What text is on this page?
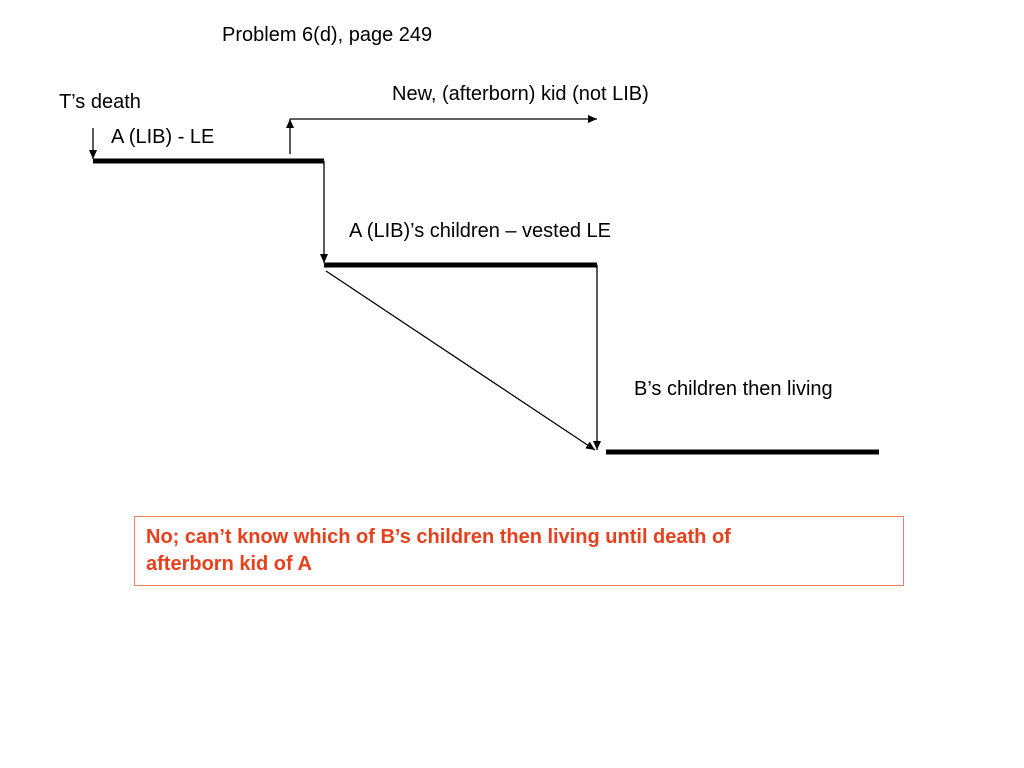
Problem 6(d), page 249
T’s death
A (LIB) - LE
New, (afterborn) kid (not LIB)
A (LIB)’s children – vested LE
B’s children then living
No; can’t know which of B’s children then living until death of
afterborn kid of A
